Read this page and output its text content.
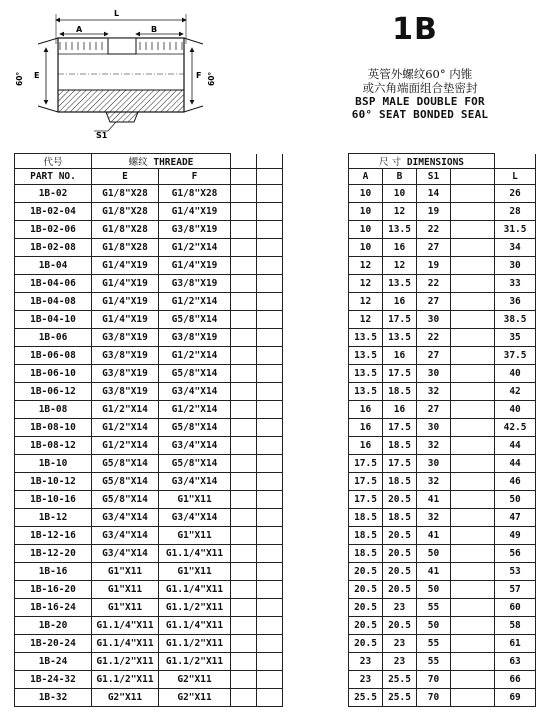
L
A	B
E	F
60°	60°
S1
1B
英管外螺纹60° 内锥
或六角端面组合垫密封
BSP MALE DOUBLE FOR
60° SEAT BONDED SEAL
代号	螺纹 THREADE					尺 寸 DIMENSIONS				
PART NO.	E	F				A	B	S1		L
1B-02	G1/8"X28	G1/8"X28				10	10	14		26
1B-02-04	G1/8"X28	G1/4"X19				10	12	19		28
1B-02-06	G1/8"X28	G3/8"X19				10	13.5	22		31.5
1B-02-08	G1/8"X28	G1/2"X14				10	16	27		34
1B-04	G1/4"X19	G1/4"X19				12	12	19		30
1B-04-06	G1/4"X19	G3/8"X19				12	13.5	22		33
1B-04-08	G1/4"X19	G1/2"X14				12	16	27		36
1B-04-10	G1/4"X19	G5/8"X14				12	17.5	30		38.5
1B-06	G3/8"X19	G3/8"X19				13.5	13.5	22		35
1B-06-08	G3/8"X19	G1/2"X14				13.5	16	27		37.5
1B-06-10	G3/8"X19	G5/8"X14				13.5	17.5	30		40
1B-06-12	G3/8"X19	G3/4"X14				13.5	18.5	32		42
1B-08	G1/2"X14	G1/2"X14				16	16	27		40
1B-08-10	G1/2"X14	G5/8"X14				16	17.5	30		42.5
1B-08-12	G1/2"X14	G3/4"X14				16	18.5	32		44
1B-10	G5/8"X14	G5/8"X14				17.5	17.5	30		44
1B-10-12	G5/8"X14	G3/4"X14				17.5	18.5	32		46
1B-10-16	G5/8"X14	G1"X11				17.5	20.5	41		50
1B-12	G3/4"X14	G3/4"X14				18.5	18.5	32		47
1B-12-16	G3/4"X14	G1"X11				18.5	20.5	41		49
1B-12-20	G3/4"X14	G1.1/4"X11				18.5	20.5	50		56
1B-16	G1"X11	G1"X11				20.5	20.5	41		53
1B-16-20	G1"X11	G1.1/4"X11				20.5	20.5	50		57
1B-16-24	G1"X11	G1.1/2"X11				20.5	23	55		60
1B-20	G1.1/4"X11	G1.1/4"X11				20.5	20.5	50		58
1B-20-24	G1.1/4"X11	G1.1/2"X11				20.5	23	55		61
1B-24	G1.1/2"X11	G1.1/2"X11				23	23	55		63
1B-24-32	G1.1/2"X11	G2"X11				23	25.5	70		66
1B-32	G2"X11	G2"X11				25.5	25.5	70		69
